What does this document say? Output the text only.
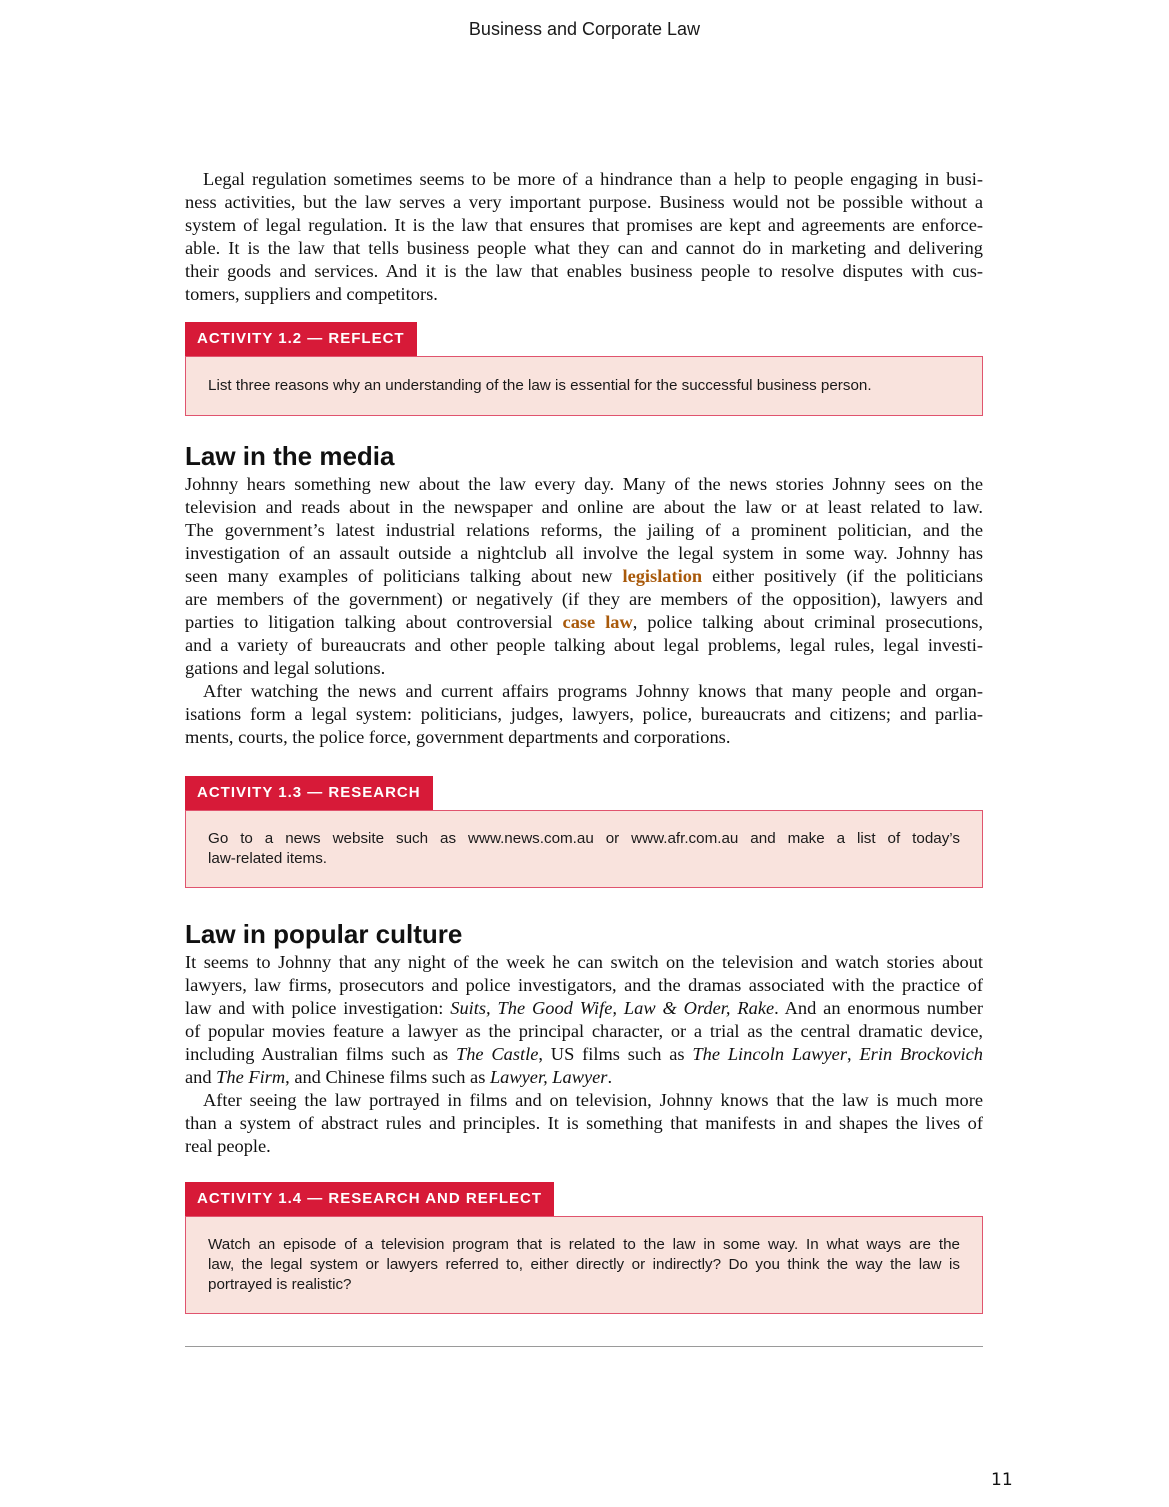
Business and Corporate Law
Legal regulation sometimes seems to be more of a hindrance than a help to people engaging in busi-
ness activities, but the law serves a very important purpose. Business would not be possible without a
system of legal regulation. It is the law that ensures that promises are kept and agreements are enforce-
able. It is the law that tells business people what they can and cannot do in marketing and delivering
their goods and services. And it is the law that enables business people to resolve disputes with cus-
tomers, suppliers and competitors.
ACTIVITY 1.2 — REFLECT
List three reasons why an understanding of the law is essential for the successful business person.
Law in the media
Johnny hears something new about the law every day. Many of the news stories Johnny sees on the
television and reads about in the newspaper and online are about the law or at least related to law.
The government’s latest industrial relations reforms, the jailing of a prominent politician, and the
investigation of an assault outside a nightclub all involve the legal system in some way. Johnny has
seen many examples of politicians talking about new legislation either positively (if the politicians
are members of the government) or negatively (if they are members of the opposition), lawyers and
parties to litigation talking about controversial case law, police talking about criminal prosecutions,
and a variety of bureaucrats and other people talking about legal problems, legal rules, legal investi-
gations and legal solutions.
After watching the news and current affairs programs Johnny knows that many people and organ-
isations form a legal system: politicians, judges, lawyers, police, bureaucrats and citizens; and parlia-
ments, courts, the police force, government departments and corporations.
ACTIVITY 1.3 — RESEARCH
Go to a news website such as www.news.com.au or www.afr.com.au and make a list of today’s
law-related items.
Law in popular culture
It seems to Johnny that any night of the week he can switch on the television and watch stories about
lawyers, law firms, prosecutors and police investigators, and the dramas associated with the practice of
law and with police investigation: Suits, The Good Wife, Law & Order, Rake. And an enormous number
of popular movies feature a lawyer as the principal character, or a trial as the central dramatic device,
including Australian films such as The Castle, US films such as The Lincoln Lawyer, Erin Brockovich
and The Firm, and Chinese films such as Lawyer, Lawyer.
After seeing the law portrayed in films and on television, Johnny knows that the law is much more
than a system of abstract rules and principles. It is something that manifests in and shapes the lives of
real people.
ACTIVITY 1.4 — RESEARCH AND REFLECT
Watch an episode of a television program that is related to the law in some way. In what ways are the
law, the legal system or lawyers referred to, either directly or indirectly? Do you think the way the law is
portrayed is realistic?
11
